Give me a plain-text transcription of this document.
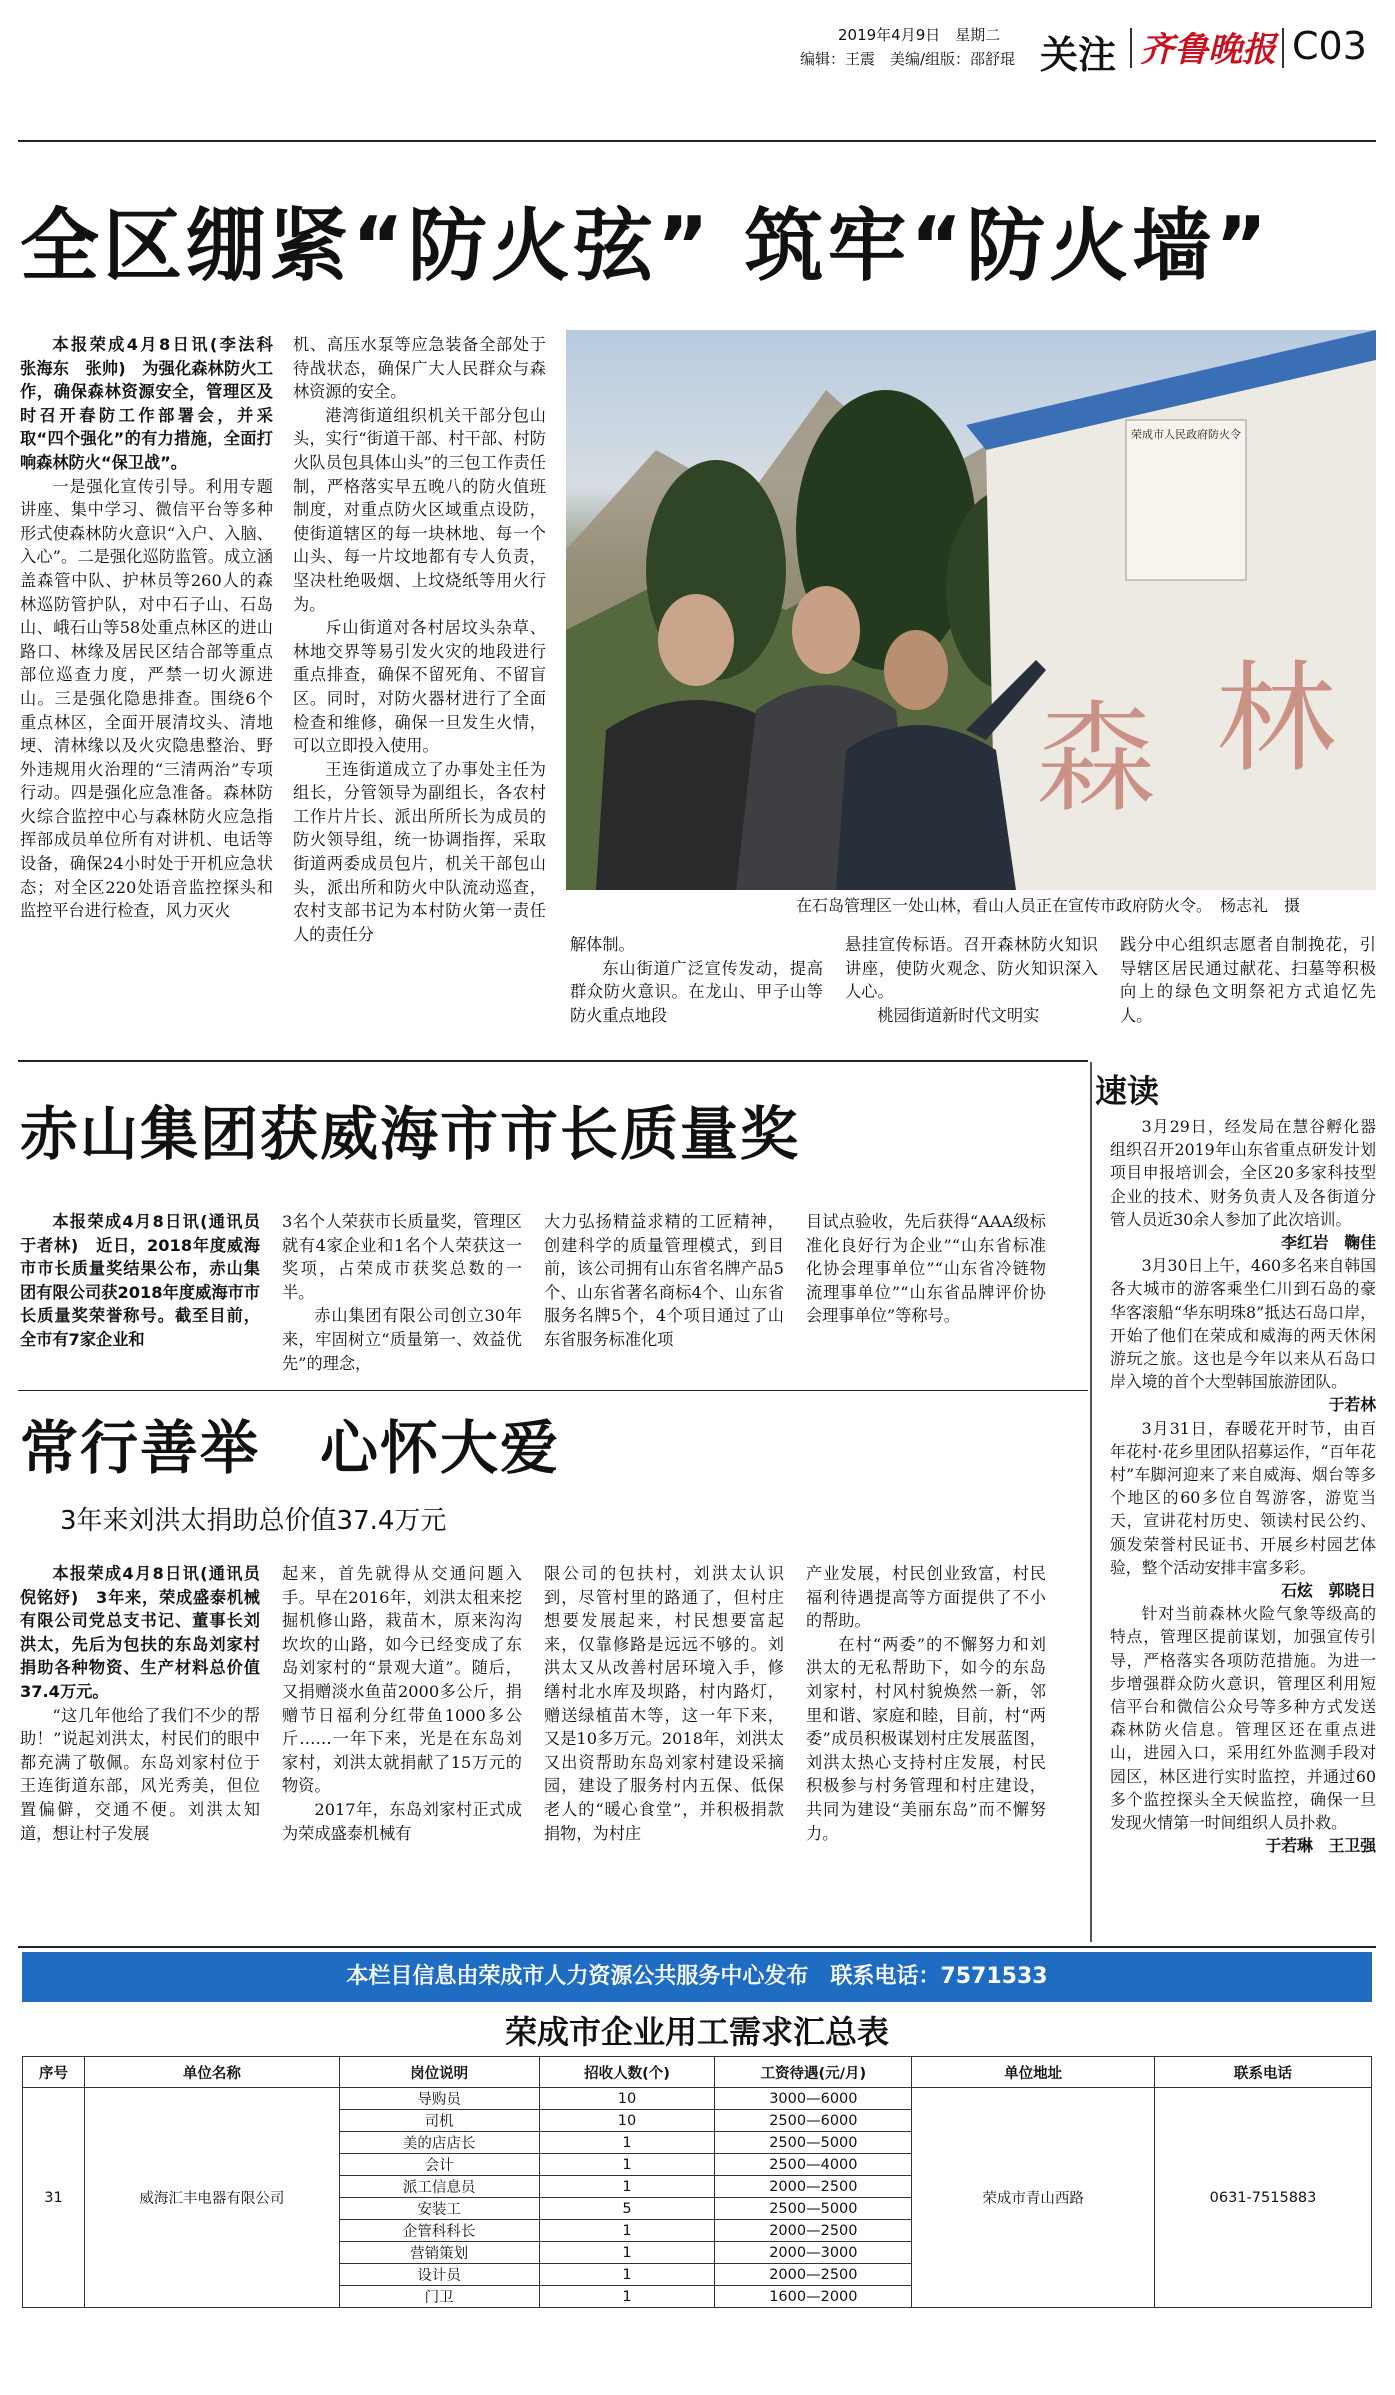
2019年4月9日　星期二
编辑：王震　美编/组版：邵舒琨 关注 齐鲁晚报 C03
全区绷紧“防火弦” 筑牢“防火墙”

本报荣成4月8日讯(李法科　张海东　张帅)　为强化森林防火工作，确保森林资源安全，管理区及时召开春防工作部署会，并采取“四个强化”的有力措施，全面打响森林防火“保卫战”。

一是强化宣传引导。利用专题讲座、集中学习、微信平台等多种形式使森林防火意识“入户、入脑、入心”。二是强化巡防监管。成立涵盖森管中队、护林员等260人的森林巡防管护队，对中石子山、石岛山、峨石山等58处重点林区的进山路口、林缘及居民区结合部等重点部位巡查力度，严禁一切火源进山。三是强化隐患排查。围绕6个重点林区，全面开展清坟头、清地埂、清林缘以及火灾隐患整治、野外违规用火治理的“三清两治”专项行动。四是强化应急准备。森林防火综合监控中心与森林防火应急指挥部成员单位所有对讲机、电话等设备，确保24小时处于开机应急状态；对全区220处语音监控探头和监控平台进行检查，风力灭火

机、高压水泵等应急装备全部处于待战状态，确保广大人民群众与森林资源的安全。

港湾街道组织机关干部分包山头，实行“街道干部、村干部、村防火队员包具体山头”的三包工作责任制，严格落实早五晚八的防火值班制度，对重点防火区域重点设防，使街道辖区的每一块林地、每一个山头、每一片坟地都有专人负责，坚决杜绝吸烟、上坟烧纸等用火行为。

斥山街道对各村居坟头杂草、林地交界等易引发火灾的地段进行重点排查，确保不留死角、不留盲区。同时，对防火器材进行了全面检查和维修，确保一旦发生火情，可以立即投入使用。

王连街道成立了办事处主任为组长，分管领导为副组长，各农村工作片片长、派出所所长为成员的防火领导组，统一协调指挥，采取街道两委成员包片，机关干部包山头，派出所和防火中队流动巡查，农村支部书记为本村防火第一责任人的责任分

森 林
荣成市人民政府防火令
在石岛管理区一处山林，看山人员正在宣传市政府防火令。　杨志礼　摄

解体制。

东山街道广泛宣传发动，提高群众防火意识。在龙山、甲子山等防火重点地段

悬挂宣传标语。召开森林防火知识讲座，使防火观念、防火知识深入人心。

桃园街道新时代文明实

践分中心组织志愿者自制挽花，引导辖区居民通过献花、扫墓等积极向上的绿色文明祭祀方式追忆先人。

赤山集团获威海市市长质量奖

本报荣成4月8日讯(通讯员　于者林)　近日，2018年度威海市市长质量奖结果公布，赤山集团有限公司获2018年度威海市市长质量奖荣誉称号。截至目前，全市有7家企业和

3名个人荣获市长质量奖，管理区就有4家企业和1名个人荣获这一奖项，占荣成市获奖总数的一半。

赤山集团有限公司创立30年来，牢固树立“质量第一、效益优先”的理念，

大力弘扬精益求精的工匠精神，创建科学的质量管理模式，到目前，该公司拥有山东省名牌产品5个、山东省著名商标4个、山东省服务名牌5个，4个项目通过了山东省服务标准化项

目试点验收，先后获得“AAA级标准化良好行为企业”“山东省标准化协会理事单位”“山东省冷链物流理事单位”“山东省品牌评价协会理事单位”等称号。

常行善举　心怀大爱
3年来刘洪太捐助总价值37.4万元

本报荣成4月8日讯(通讯员　倪铭妤)　3年来，荣成盛泰机械有限公司党总支书记、董事长刘洪太，先后为包扶的东岛刘家村捐助各种物资、生产材料总价值37.4万元。

“这几年他给了我们不少的帮助！”说起刘洪太，村民们的眼中都充满了敬佩。东岛刘家村位于王连街道东部，风光秀美，但位置偏僻，交通不便。刘洪太知道，想让村子发展

起来，首先就得从交通问题入手。早在2016年，刘洪太租来挖掘机修山路，栽苗木，原来沟沟坎坎的山路，如今已经变成了东岛刘家村的“景观大道”。随后，又捐赠淡水鱼苗2000多公斤，捐赠节日福利分红带鱼1000多公斤……一年下来，光是在东岛刘家村，刘洪太就捐献了15万元的物资。

2017年，东岛刘家村正式成为荣成盛泰机械有

限公司的包扶村，刘洪太认识到，尽管村里的路通了，但村庄想要发展起来，村民想要富起来，仅靠修路是远远不够的。刘洪太又从改善村居环境入手，修缮村北水库及坝路，村内路灯，赠送绿植苗木等，这一年下来，又是10多万元。2018年，刘洪太又出资帮助东岛刘家村建设采摘园，建设了服务村内五保、低保老人的“暖心食堂”，并积极捐款捐物，为村庄

产业发展，村民创业致富，村民福利待遇提高等方面提供了不小的帮助。

在村“两委”的不懈努力和刘洪太的无私帮助下，如今的东岛刘家村，村风村貌焕然一新，邻里和谐、家庭和睦，目前，村“两委”成员积极谋划村庄发展蓝图，刘洪太热心支持村庄发展，村民积极参与村务管理和村庄建设，共同为建设“美丽东岛”而不懈努力。

速读

3月29日，经发局在慧谷孵化器组织召开2019年山东省重点研发计划项目申报培训会，全区20多家科技型企业的技术、财务负责人及各街道分管人员近30余人参加了此次培训。

李红岩　鞠佳

3月30日上午，460多名来自韩国各大城市的游客乘坐仁川到石岛的豪华客滚船“华东明珠8”抵达石岛口岸，开始了他们在荣成和威海的两天休闲游玩之旅。这也是今年以来从石岛口岸入境的首个大型韩国旅游团队。

于若林

3月31日，春暖花开时节，由百年花村·花乡里团队招募运作，“百年花村”车脚河迎来了来自威海、烟台等多个地区的60多位自驾游客，游览当天，宣讲花村历史、领读村民公约、颁发荣誉村民证书、开展乡村园艺体验，整个活动安排丰富多彩。

石炫　郭晓日

针对当前森林火险气象等级高的特点，管理区提前谋划，加强宣传引导，严格落实各项防范措施。为进一步增强群众防火意识，管理区利用短信平台和微信公众号等多种方式发送森林防火信息。管理区还在重点进山，进园入口，采用红外监测手段对园区，林区进行实时监控，并通过60多个监控探头全天候监控，确保一旦发现火情第一时间组织人员扑救。

于若琳　王卫强

本栏目信息由荣成市人力资源公共服务中心发布　联系电话：7571533
荣成市企业用工需求汇总表
序号	单位名称	岗位说明	招收人数(个)	工资待遇(元/月)	单位地址	联系电话
31	威海汇丰电器有限公司	导购员	10	3000—6000	荣成市青山西路	0631-7515883
		司机	10	2500—6000		
		美的店店长	1	2500—5000		
		会计	1	2500—4000		
		派工信息员	1	2000—2500		
		安装工	5	2500—5000		
		企管科科长	1	2000—2500		
		营销策划	1	2000—3000		
		设计员	1	2000—2500		
		门卫	1	1600—2000		
